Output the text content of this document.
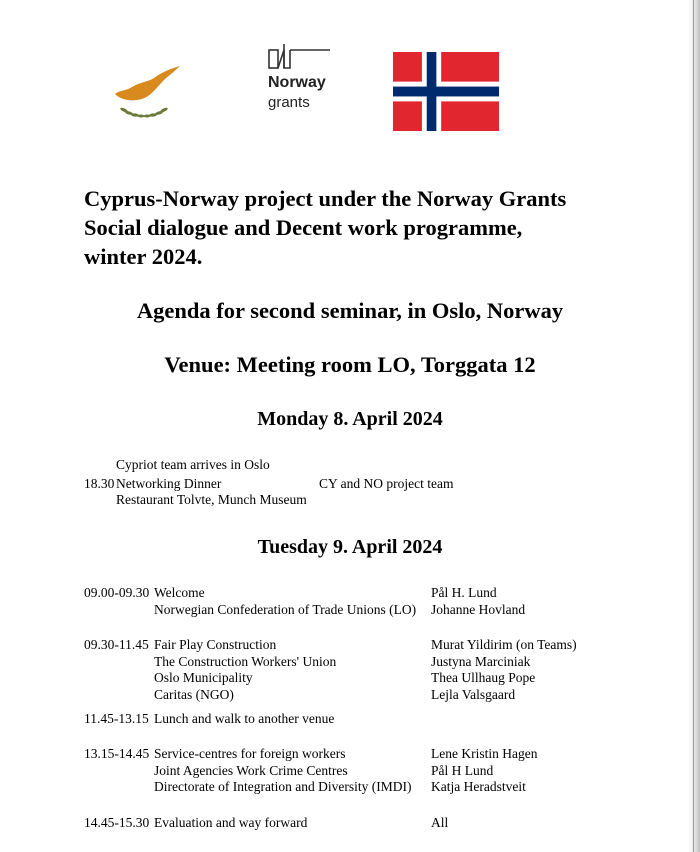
Norway
grants
Cyprus-Norway project under the Norway Grants
Social dialogue and Decent work programme,
winter 2024.
Agenda for second seminar, in Oslo, Norway
Venue: Meeting room LO, Torggata 12
Monday 8. April 2024
Cypriot team arrives in Oslo
18.30 Networking Dinner	CY and NO project team
Restaurant Tolvte, Munch Museum
Tuesday 9. April 2024
09.00-09.30 Welcome
Norwegian Confederation of Trade Unions (LO)
Pål H. Lund
Johanne Hovland
09.30-11.45 Fair Play Construction
The Construction Workers' Union
Oslo Municipality
Caritas (NGO)
Murat Yildirim (on Teams)
Justyna Marciniak
Thea Ullhaug Pope
Lejla Valsgaard
11.45-13.15 Lunch and walk to another venue
13.15-14.45 Service-centres for foreign workers
Joint Agencies Work Crime Centres
Directorate of Integration and Diversity (IMDI)
Lene Kristin Hagen
Pål H Lund
Katja Heradstveit
14.45-15.30 Evaluation and way forward	All
